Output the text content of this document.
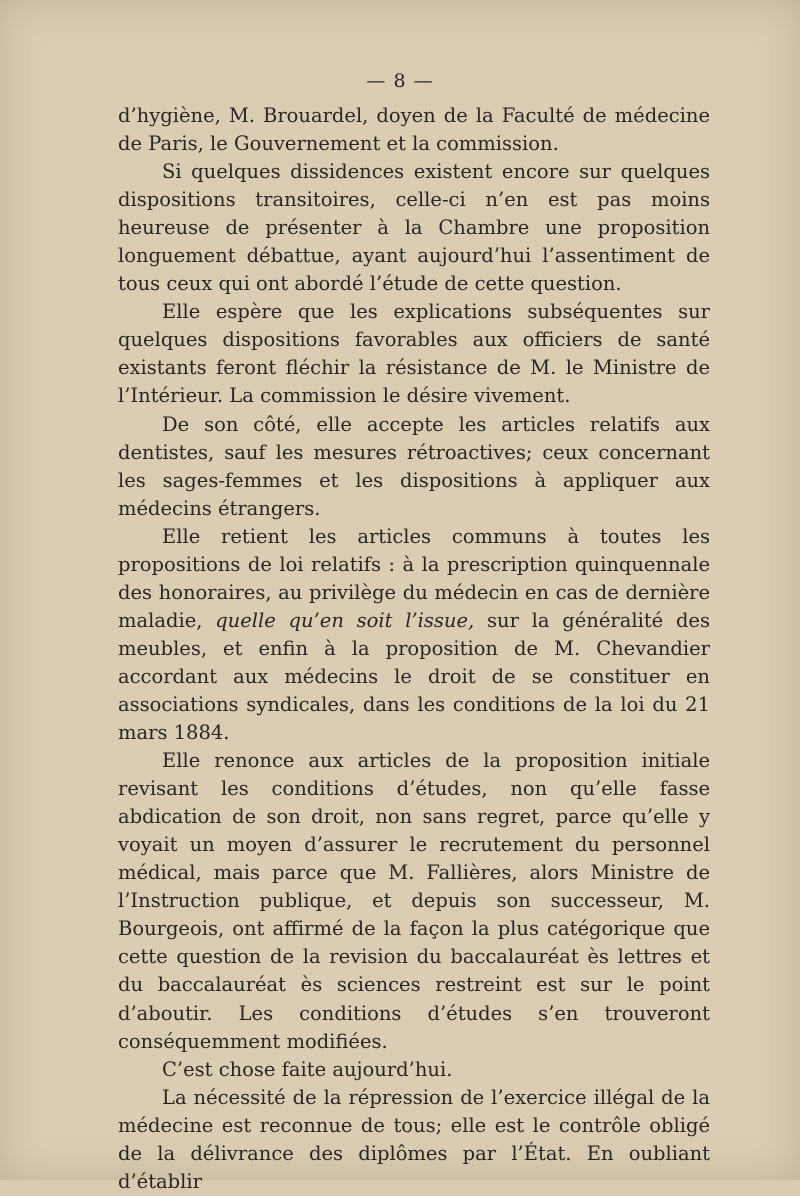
— 8 —

d’hygiène, M. Brouardel, doyen de la Faculté de médecine de Paris, le Gouvernement et la commission.

Si quelques dissidences existent encore sur quelques dispositions transitoires, celle-ci n’en est pas moins heureuse de présenter à la Chambre une proposition longuement débattue, ayant aujourd’hui l’assentiment de tous ceux qui ont abordé l’étude de cette question.

Elle espère que les explications subséquentes sur quelques dispositions favorables aux officiers de santé existants feront fléchir la résistance de M. le Ministre de l’Intérieur. La commission le désire vivement.

De son côté, elle accepte les articles relatifs aux dentistes, sauf les mesures rétroactives; ceux concernant les sages-femmes et les dispositions à appliquer aux médecins étrangers.

Elle retient les articles communs à toutes les propositions de loi relatifs : à la prescription quinquennale des honoraires, au privilège du médecin en cas de dernière maladie, quelle qu’en soit l’issue, sur la généralité des meubles, et enfin à la proposition de M. Chevandier accordant aux médecins le droit de se constituer en associations syndicales, dans les conditions de la loi du 21 mars 1884.

Elle renonce aux articles de la proposition initiale revisant les conditions d’études, non qu’elle fasse abdication de son droit, non sans regret, parce qu’elle y voyait un moyen d’assurer le recrutement du personnel médical, mais parce que M. Fallières, alors Ministre de l’Instruction publique, et depuis son successeur, M. Bourgeois, ont affirmé de la façon la plus catégorique que cette question de la revision du baccalauréat ès lettres et du baccalauréat ès sciences restreint est sur le point d’aboutir. Les conditions d’études s’en trouveront conséquemment modifiées.

C’est chose faite aujourd’hui.

La nécessité de la répression de l’exercice illégal de la médecine est reconnue de tous; elle est le contrôle obligé de la délivrance des diplômes par l’État. En oubliant d’établir
